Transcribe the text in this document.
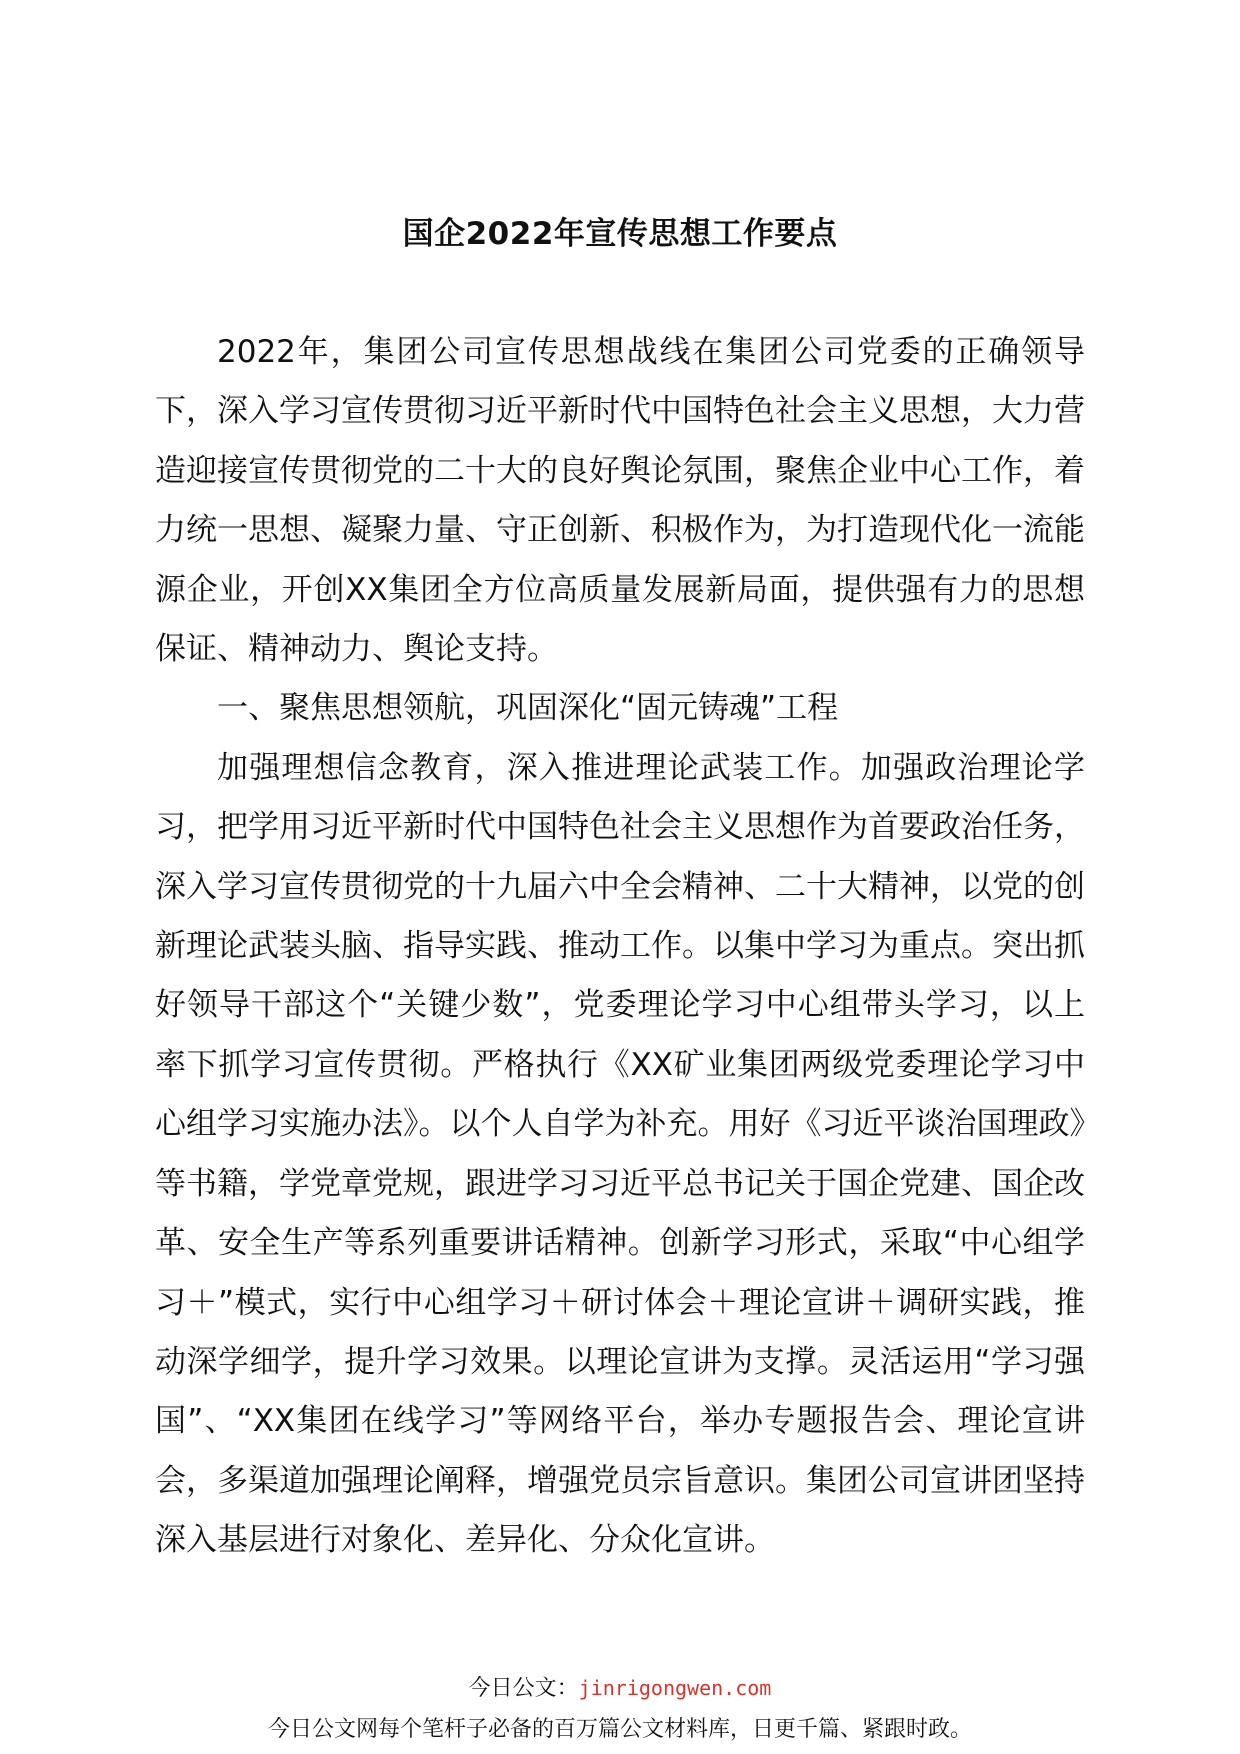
国企2022年宣传思想工作要点

2022年，集团公司宣传思想战线在集团公司党委的正确领导下，深入学习宣传贯彻习近平新时代中国特色社会主义思想，大力营造迎接宣传贯彻党的二十大的良好舆论氛围，聚焦企业中心工作，着力统一思想、凝聚力量、守正创新、积极作为，为打造现代化一流能源企业，开创XX集团全方位高质量发展新局面，提供强有力的思想保证、精神动力、舆论支持。

一、聚焦思想领航，巩固深化“固元铸魂”工程

加强理想信念教育，深入推进理论武装工作。加强政治理论学习，把学用习近平新时代中国特色社会主义思想作为首要政治任务，深入学习宣传贯彻党的十九届六中全会精神、二十大精神，以党的创新理论武装头脑、指导实践、推动工作。以集中学习为重点。突出抓好领导干部这个“关键少数”，党委理论学习中心组带头学习，以上率下抓学习宣传贯彻。严格执行《XX矿业集团两级党委理论学习中心组学习实施办法》。以个人自学为补充。用好《习近平谈治国理政》等书籍，学党章党规，跟进学习习近平总书记关于国企党建、国企改革、安全生产等系列重要讲话精神。创新学习形式，采取“中心组学习＋”模式，实行中心组学习＋研讨体会＋理论宣讲＋调研实践，推动深学细学，提升学习效果。以理论宣讲为支撑。灵活运用“学习强国”、“XX集团在线学习”等网络平台，举办专题报告会、理论宣讲会，多渠道加强理论阐释，增强党员宗旨意识。集团公司宣讲团坚持深入基层进行对象化、差异化、分众化宣讲。

今日公文：jinrigongwen.com
今日公文网每个笔杆子必备的百万篇公文材料库，日更千篇、紧跟时政。
